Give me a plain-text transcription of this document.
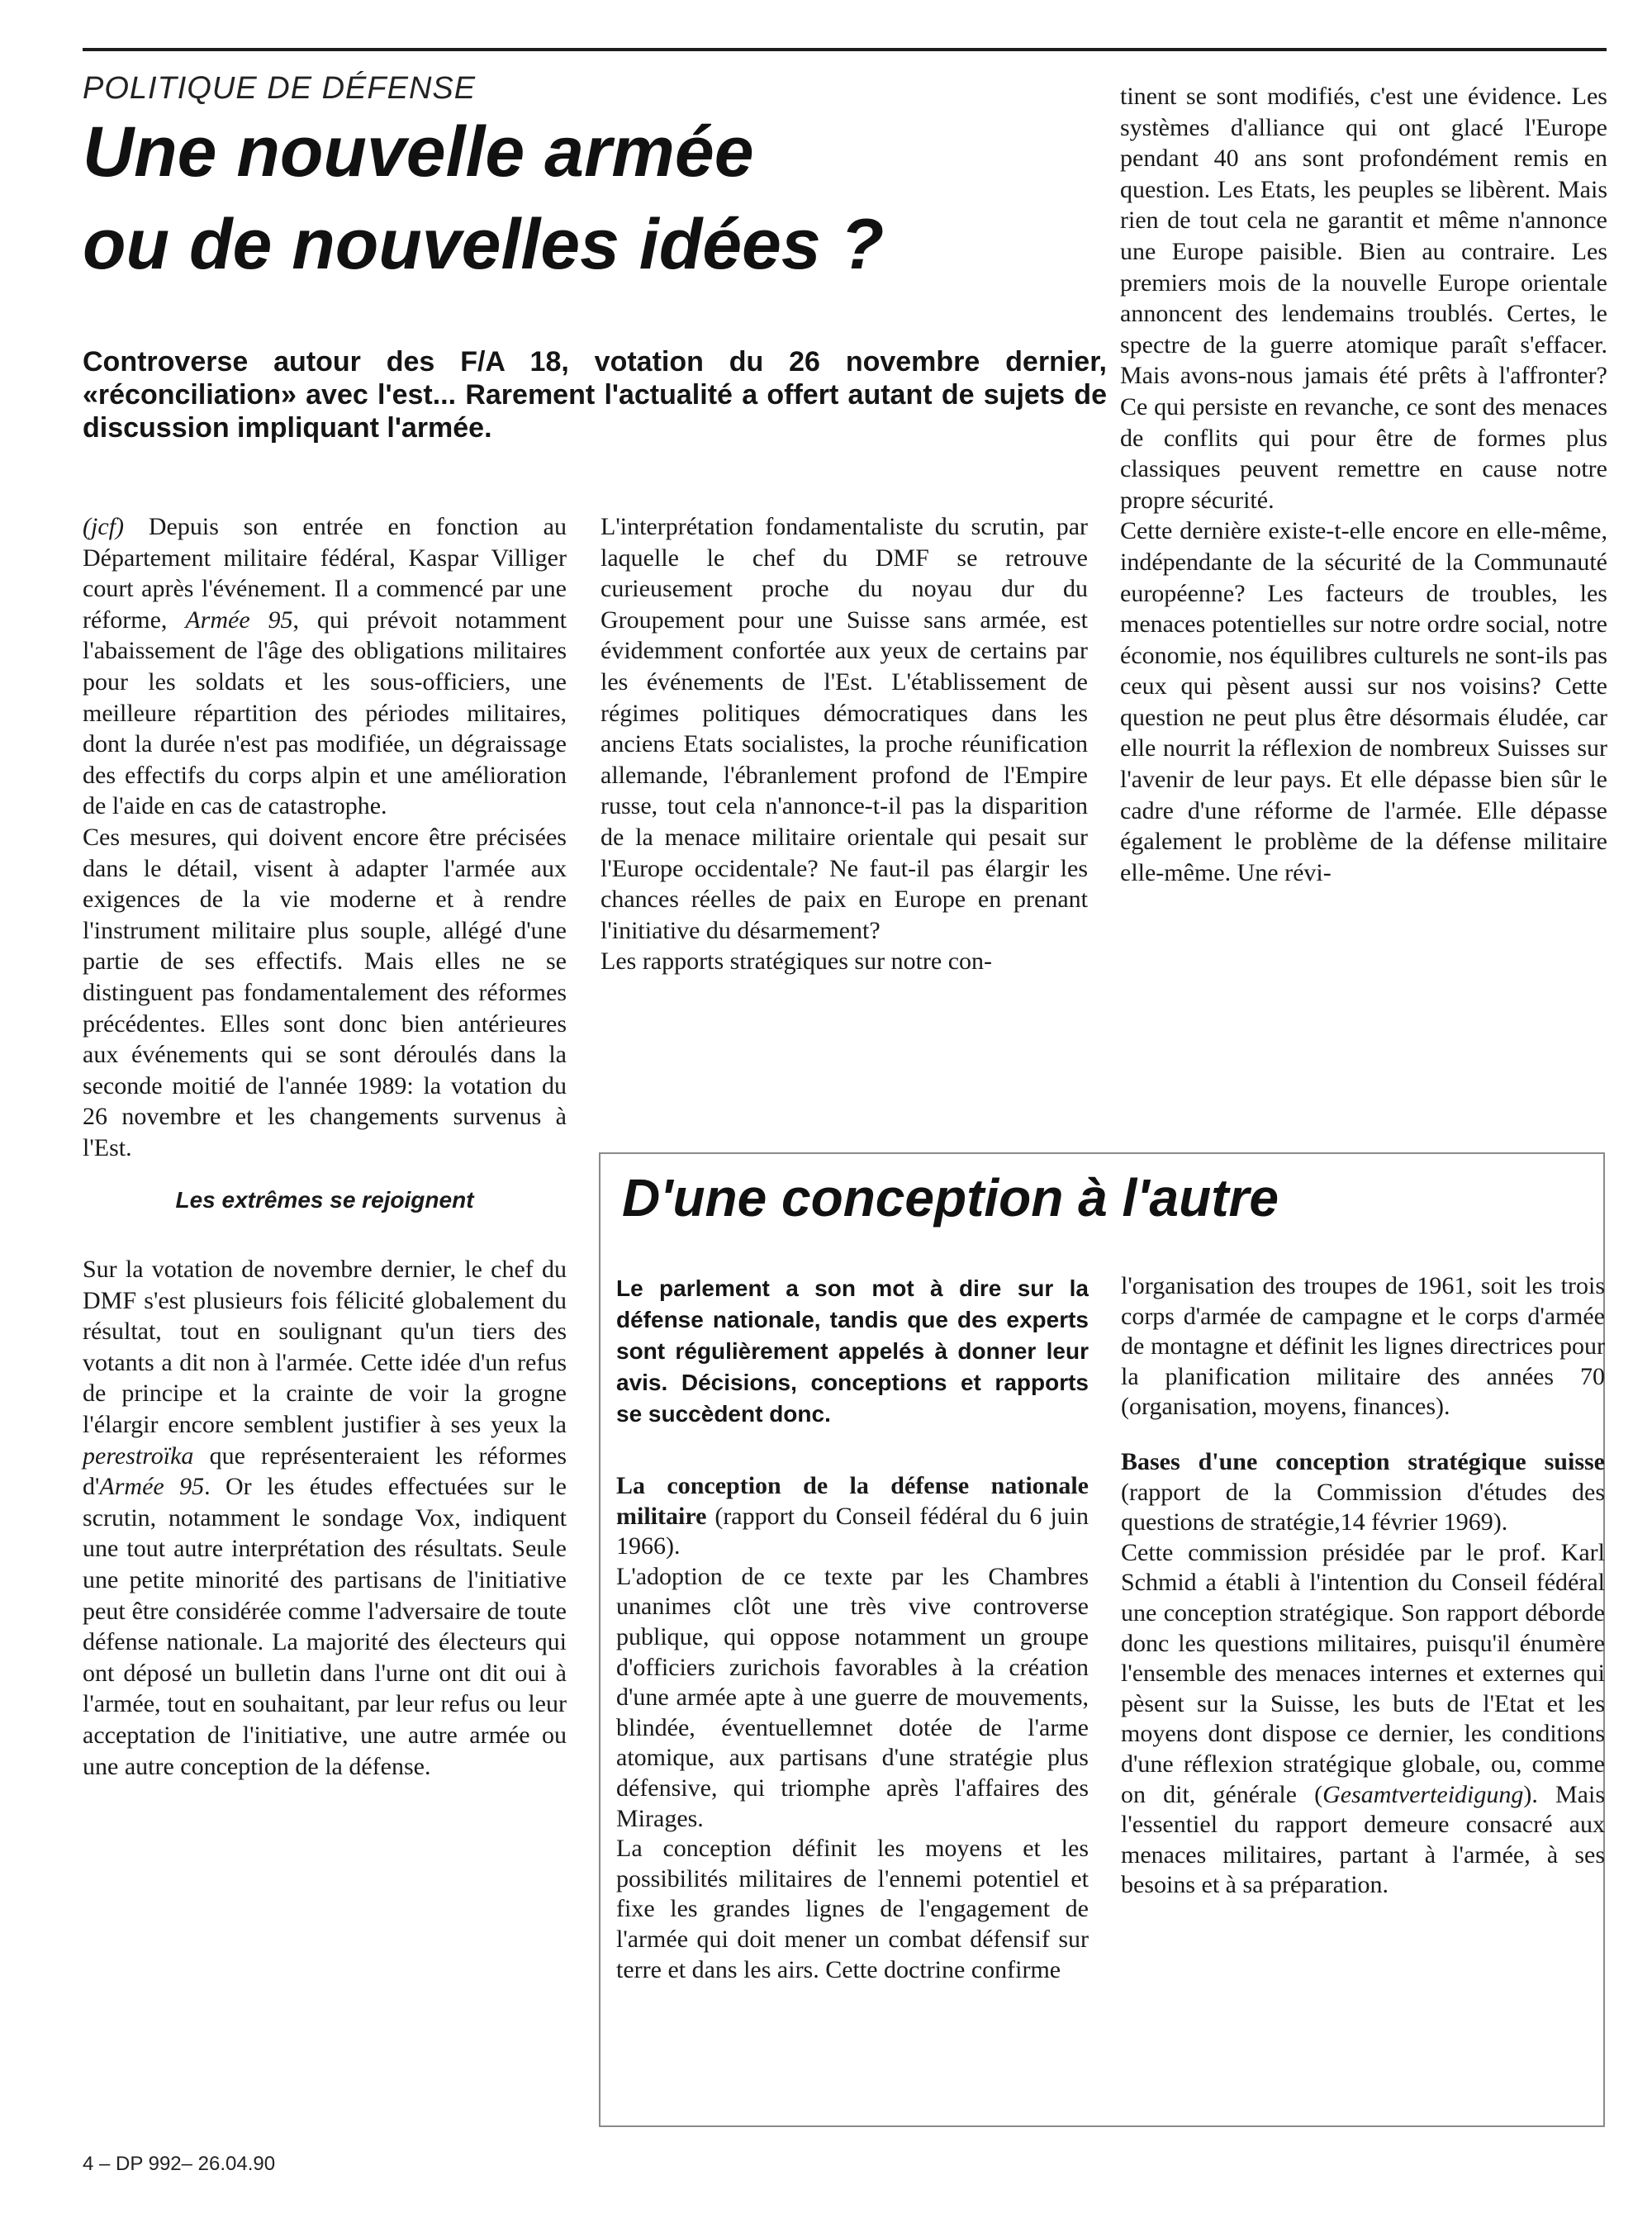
POLITIQUE DE DÉFENSE
Une nouvelle armée
ou de nouvelles idées ?
Controverse autour des F/A 18, votation du 26 novembre dernier, «réconciliation» avec l'est... Rarement l'actualité a offert autant de sujets de discussion impliquant l'armée.

(jcf) Depuis son entrée en fonction au Département militaire fédéral, Kaspar Villiger court après l'événement. Il a commencé par une réforme, Armée 95, qui prévoit notamment l'abaissement de l'âge des obligations militaires pour les soldats et les sous-officiers, une meilleure répartition des périodes militaires, dont la durée n'est pas modifiée, un dégraissage des effectifs du corps alpin et une amélioration de l'aide en cas de catastrophe.

Ces mesures, qui doivent encore être précisées dans le détail, visent à adapter l'armée aux exigences de la vie moderne et à rendre l'instrument militaire plus souple, allégé d'une partie de ses effectifs. Mais elles ne se distinguent pas fondamentalement des réformes précédentes. Elles sont donc bien antérieures aux événements qui se sont déroulés dans la seconde moitié de l'année 1989: la votation du 26 novembre et les changements survenus à l'Est.

Les extrêmes se rejoignent

Sur la votation de novembre dernier, le chef du DMF s'est plusieurs fois félicité globalement du résultat, tout en soulignant qu'un tiers des votants a dit non à l'armée. Cette idée d'un refus de principe et la crainte de voir la grogne l'élargir encore semblent justifier à ses yeux la perestroïka que représenteraient les réformes d'Armée 95. Or les études effectuées sur le scrutin, notamment le sondage Vox, indiquent une tout autre interprétation des résultats. Seule une petite minorité des partisans de l'initiative peut être considérée comme l'adversaire de toute défense nationale. La majorité des électeurs qui ont déposé un bulletin dans l'urne ont dit oui à l'armée, tout en souhaitant, par leur refus ou leur acceptation de l'initiative, une autre armée ou une autre conception de la défense.

L'interprétation fondamentaliste du scrutin, par laquelle le chef du DMF se retrouve curieusement proche du noyau dur du Groupement pour une Suisse sans armée, est évidemment confortée aux yeux de certains par les événements de l'Est. L'établissement de régimes politiques démocratiques dans les anciens Etats socialistes, la proche réunification allemande, l'ébranlement profond de l'Empire russe, tout cela n'annonce-t-il pas la disparition de la menace militaire orientale qui pesait sur l'Europe occidentale? Ne faut-il pas élargir les chances réelles de paix en Europe en prenant l'initiative du désarmement?

Les rapports stratégiques sur notre con-

tinent se sont modifiés, c'est une évidence. Les systèmes d'alliance qui ont glacé l'Europe pendant 40 ans sont profondément remis en question. Les Etats, les peuples se libèrent. Mais rien de tout cela ne garantit et même n'annonce une Europe paisible. Bien au contraire. Les premiers mois de la nouvelle Europe orientale annoncent des lendemains troublés. Certes, le spectre de la guerre atomique paraît s'effacer. Mais avons-nous jamais été prêts à l'affronter? Ce qui persiste en revanche, ce sont des menaces de conflits qui pour être de formes plus classiques peuvent remettre en cause notre propre sécurité.

Cette dernière existe-t-elle encore en elle-même, indépendante de la sécurité de la Communauté européenne? Les facteurs de troubles, les menaces potentielles sur notre ordre social, notre économie, nos équilibres culturels ne sont-ils pas ceux qui pèsent aussi sur nos voisins? Cette question ne peut plus être désormais éludée, car elle nourrit la réflexion de nombreux Suisses sur l'avenir de leur pays. Et elle dépasse bien sûr le cadre d'une réforme de l'armée. Elle dépasse également le problème de la défense militaire elle-même. Une révi-

D'une conception à l'autre
Le parlement a son mot à dire sur la défense nationale, tandis que des experts sont régulièrement appelés à donner leur avis. Décisions, conceptions et rapports se succèdent donc.

La conception de la défense nationale militaire (rapport du Conseil fédéral du 6 juin 1966).

L'adoption de ce texte par les Chambres unanimes clôt une très vive controverse publique, qui oppose notamment un groupe d'officiers zurichois favorables à la création d'une armée apte à une guerre de mouvements, blindée, éventuellemnet dotée de l'arme atomique, aux partisans d'une stratégie plus défensive, qui triomphe après l'affaires des Mirages.

La conception définit les moyens et les possibilités militaires de l'ennemi potentiel et fixe les grandes lignes de l'engagement de l'armée qui doit mener un combat défensif sur terre et dans les airs. Cette doctrine confirme

l'organisation des troupes de 1961, soit les trois corps d'armée de campagne et le corps d'armée de montagne et définit les lignes directrices pour la planification militaire des années 70 (organisation, moyens, finances).

Bases d'une conception stratégique suisse (rapport de la Commission d'études des questions de stratégie,14 février 1969).

Cette commission présidée par le prof. Karl Schmid a établi à l'intention du Conseil fédéral une conception stratégique. Son rapport déborde donc les questions militaires, puisqu'il énumère l'ensemble des menaces internes et externes qui pèsent sur la Suisse, les buts de l'Etat et les moyens dont dispose ce dernier, les conditions d'une réflexion stratégique globale, ou, comme on dit, générale (Gesamtverteidigung). Mais l'essentiel du rapport demeure consacré aux menaces militaires, partant à l'armée, à ses besoins et à sa préparation.

4 – DP 992– 26.04.90
